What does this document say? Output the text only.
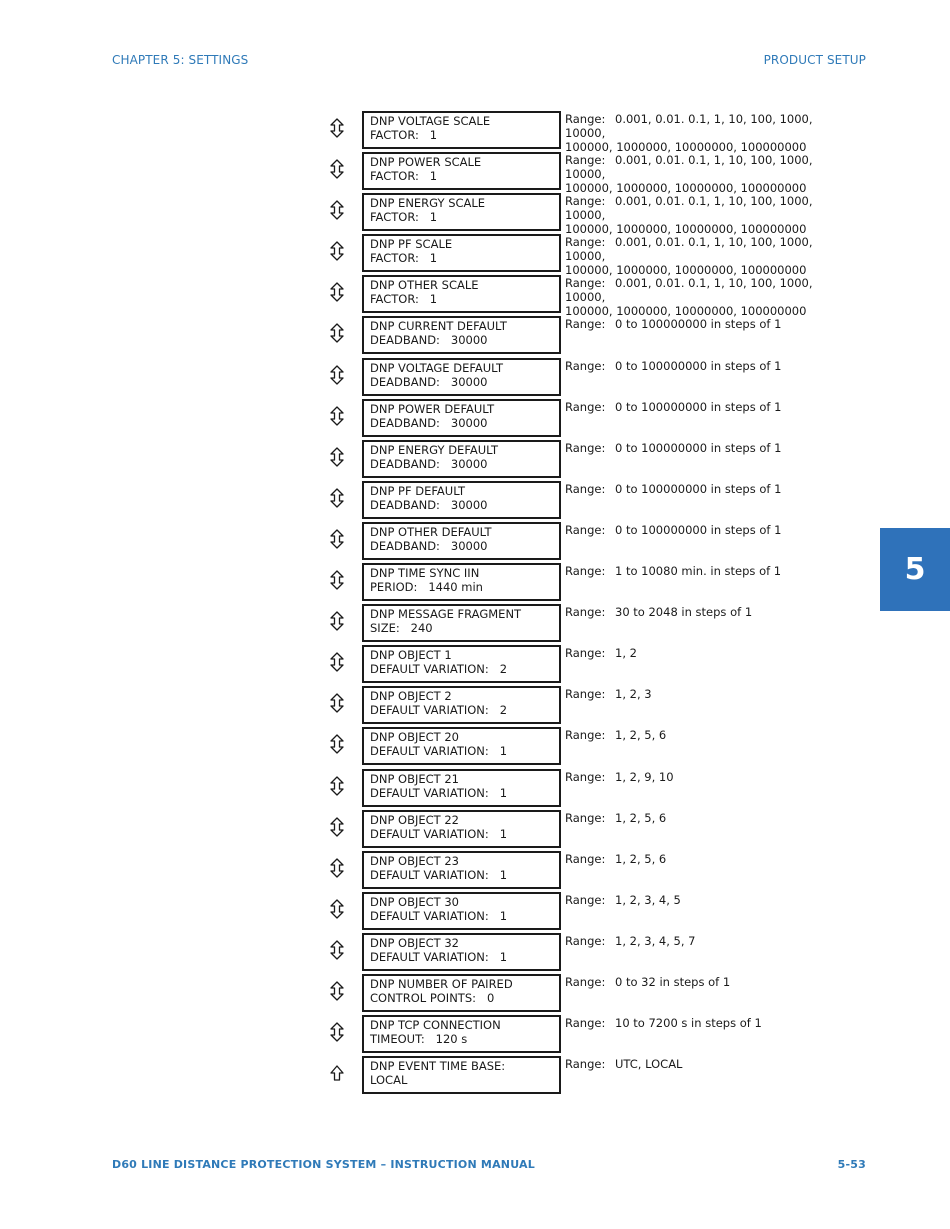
CHAPTER 5: SETTINGS	PRODUCT SETUP
DNP VOLTAGE SCALE
FACTOR:   1
Range: 0.001, 0.01. 0.1, 1, 10, 100, 1000, 10000,
100000, 1000000, 10000000, 100000000
DNP POWER SCALE
FACTOR:   1
Range: 0.001, 0.01. 0.1, 1, 10, 100, 1000, 10000,
100000, 1000000, 10000000, 100000000
DNP ENERGY SCALE
FACTOR:   1
Range: 0.001, 0.01. 0.1, 1, 10, 100, 1000, 10000,
100000, 1000000, 10000000, 100000000
DNP PF SCALE
FACTOR:   1
Range: 0.001, 0.01. 0.1, 1, 10, 100, 1000, 10000,
100000, 1000000, 10000000, 100000000
DNP OTHER SCALE
FACTOR:   1
Range: 0.001, 0.01. 0.1, 1, 10, 100, 1000, 10000,
100000, 1000000, 10000000, 100000000
DNP CURRENT DEFAULT
DEADBAND:   30000
Range: 0 to 100000000 in steps of 1
DNP VOLTAGE DEFAULT
DEADBAND:   30000
Range: 0 to 100000000 in steps of 1
DNP POWER DEFAULT
DEADBAND:   30000
Range: 0 to 100000000 in steps of 1
DNP ENERGY DEFAULT
DEADBAND:   30000
Range: 0 to 100000000 in steps of 1
DNP PF DEFAULT
DEADBAND:   30000
Range: 0 to 100000000 in steps of 1
DNP OTHER DEFAULT
DEADBAND:   30000
Range: 0 to 100000000 in steps of 1
DNP TIME SYNC IIN
PERIOD:   1440 min
Range: 1 to 10080 min. in steps of 1
DNP MESSAGE FRAGMENT
SIZE:   240
Range: 30 to 2048 in steps of 1
DNP OBJECT 1
DEFAULT VARIATION:   2
Range: 1, 2
DNP OBJECT 2
DEFAULT VARIATION:   2
Range: 1, 2, 3
DNP OBJECT 20
DEFAULT VARIATION:   1
Range: 1, 2, 5, 6
DNP OBJECT 21
DEFAULT VARIATION:   1
Range: 1, 2, 9, 10
DNP OBJECT 22
DEFAULT VARIATION:   1
Range: 1, 2, 5, 6
DNP OBJECT 23
DEFAULT VARIATION:   1
Range: 1, 2, 5, 6
DNP OBJECT 30
DEFAULT VARIATION:   1
Range: 1, 2, 3, 4, 5
DNP OBJECT 32
DEFAULT VARIATION:   1
Range: 1, 2, 3, 4, 5, 7
DNP NUMBER OF PAIRED
CONTROL POINTS:   0
Range: 0 to 32 in steps of 1
DNP TCP CONNECTION
TIMEOUT:   120 s
Range: 10 to 7200 s in steps of 1
DNP EVENT TIME BASE:
LOCAL
Range: UTC, LOCAL
5
D60 LINE DISTANCE PROTECTION SYSTEM – INSTRUCTION MANUAL	5-53
